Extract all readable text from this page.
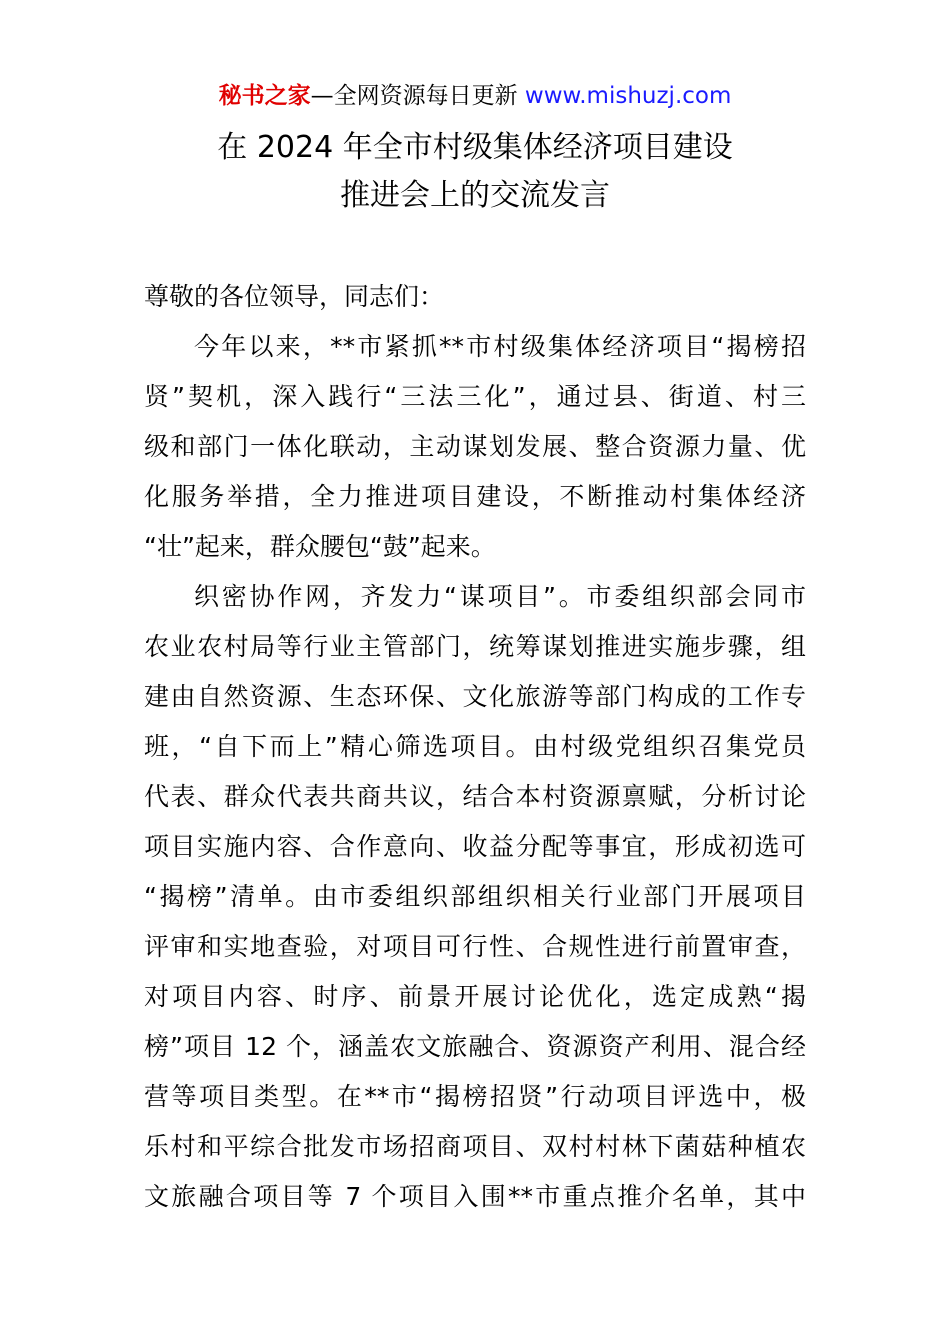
秘书之家—全网资源每日更新 www.mishuzj.com
在 2024 年全市村级集体经济项目建设
推进会上的交流发言
尊敬的各位领导，同志们：
今年以来，**市紧抓**市村级集体经济项目“揭榜招
贤”契机，深入践行“三法三化”，通过县、街道、村三
级和部门一体化联动，主动谋划发展、整合资源力量、优
化服务举措，全力推进项目建设，不断推动村集体经济
“壮”起来，群众腰包“鼓”起来。
织密协作网，齐发力“谋项目”。市委组织部会同市
农业农村局等行业主管部门，统筹谋划推进实施步骤，组
建由自然资源、生态环保、文化旅游等部门构成的工作专
班，“自下而上”精心筛选项目。由村级党组织召集党员
代表、群众代表共商共议，结合本村资源禀赋，分析讨论
项目实施内容、合作意向、收益分配等事宜，形成初选可
“揭榜”清单。由市委组织部组织相关行业部门开展项目
评审和实地查验，对项目可行性、合规性进行前置审查，
对项目内容、时序、前景开展讨论优化，选定成熟“揭
榜”项目 12 个，涵盖农文旅融合、资源资产利用、混合经
营等项目类型。在**市“揭榜招贤”行动项目评选中，极
乐村和平综合批发市场招商项目、双村村林下菌菇种植农
文旅融合项目等 7 个项目入围**市重点推介名单，其中
